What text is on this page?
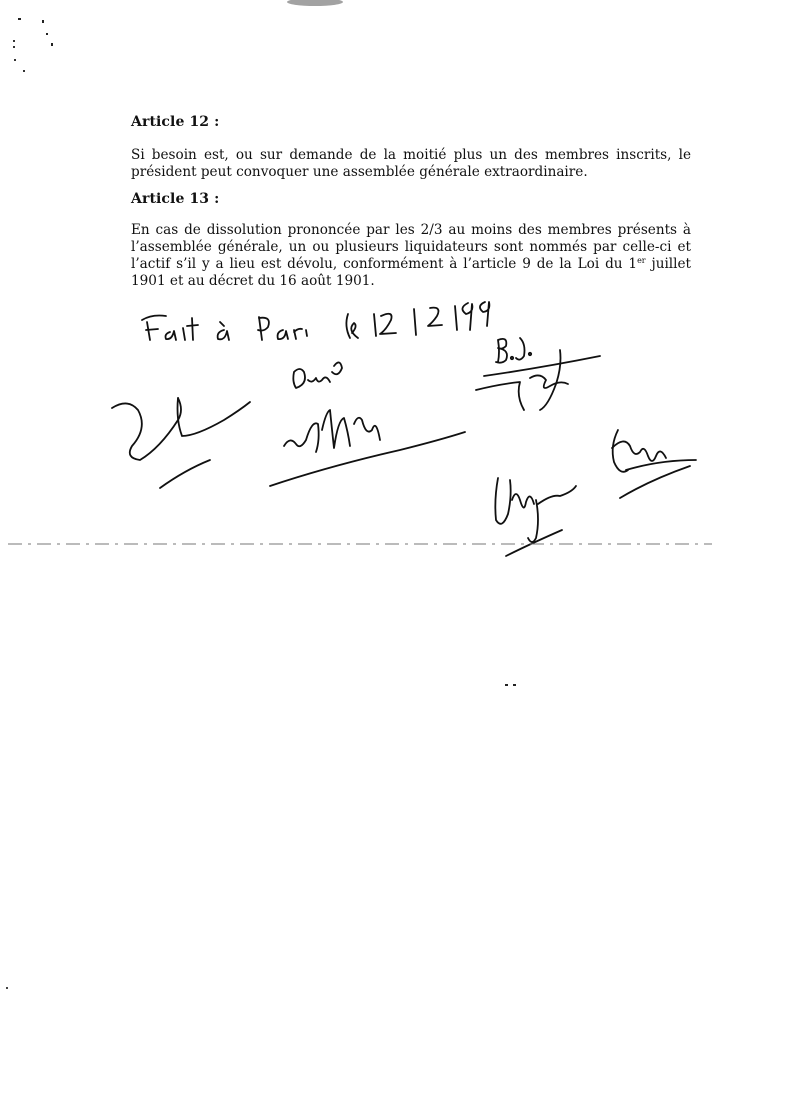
Article 12 :
Si besoin est, ou sur demande de la moitié plus un des membres inscrits, le président peut convoquer une assemblée générale extraordinaire.
Article 13 :
En cas de dissolution prononcée par les 2/3 au moins des membres présents à l’assemblée générale, un ou plusieurs liquidateurs sont nommés par celle-ci et l’actif s’il y a lieu est dévolu, conformément à l’article 9 de la Loi du 1er juillet 1901 et au décret du 16 août 1901.
